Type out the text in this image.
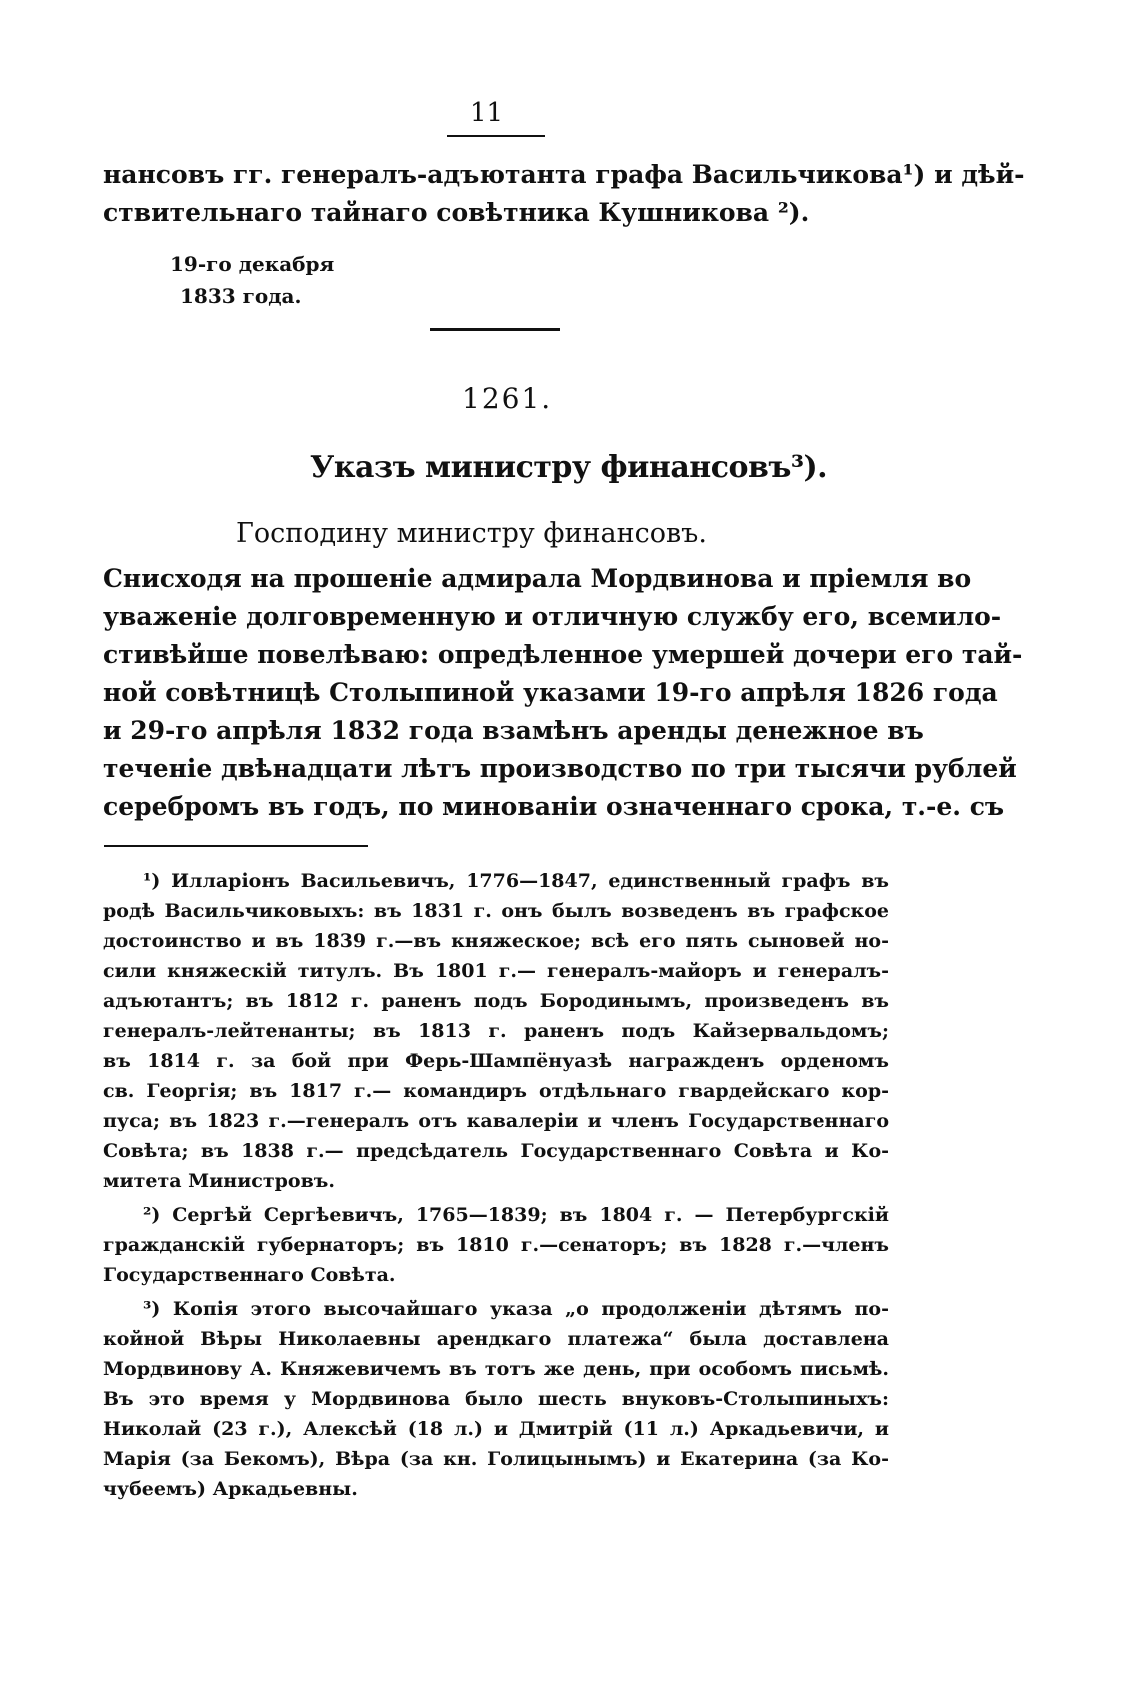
11
нансовъ гг. генералъ-адъютанта графа Васильчикова¹) и дѣй-
ствительнаго тайнаго совѣтника Кушникова ²).
19-го декабря
1833 года.
1261.
Указъ министру финансовъ³).
Господину министру финансовъ.
Снисходя на прошеніе адмирала Мордвинова и пріемля во
уваженіе долговременную и отличную службу его, всемило-
стивѣйше повелѣваю: опредѣленное умершей дочери его тай-
ной совѣтницѣ Столыпиной указами 19-го апрѣля 1826 года
и 29-го апрѣля 1832 года взамѣнъ аренды денежное въ
теченіе двѣнадцати лѣтъ производство по три тысячи рублей
серебромъ въ годъ, по минованіи означеннаго срока, т.-е. съ
¹) Илларіонъ Васильевичъ, 1776—1847, единственный графъ въ
родѣ Васильчиковыхъ: въ 1831 г. онъ былъ возведенъ въ графское
достоинство и въ 1839 г.—въ княжеское; всѣ его пять сыновей но-
сили княжескій титулъ. Въ 1801 г.— генералъ-майоръ и генералъ-
адъютантъ; въ 1812 г. раненъ подъ Бородинымъ, произведенъ въ
генералъ-лейтенанты; въ 1813 г. раненъ подъ Кайзервальдомъ;
въ 1814 г. за бой при Ферь-Шампёнуазѣ награжденъ орденомъ
св. Георгія; въ 1817 г.— командиръ отдѣльнаго гвардейскаго кор-
пуса; въ 1823 г.—генералъ отъ кавалеріи и членъ Государственнаго
Совѣта; въ 1838 г.— предсѣдатель Государственнаго Совѣта и Ко-
митета Министровъ.
²) Сергѣй Сергѣевичъ, 1765—1839; въ 1804 г. — Петербургскій
гражданскій губернаторъ; въ 1810 г.—сенаторъ; въ 1828 г.—членъ
Государственнаго Совѣта.
³) Копія этого высочайшаго указа „о продолженіи дѣтямъ по-
койной Вѣры Николаевны арендкаго платежа“ была доставлена
Мордвинову А. Княжевичемъ въ тотъ же день, при особомъ письмѣ.
Въ это время у Мордвинова было шесть внуковъ-Столыпиныхъ:
Николай (23 г.), Алексѣй (18 л.) и Дмитрій (11 л.) Аркадьевичи, и
Марія (за Бекомъ), Вѣра (за кн. Голицынымъ) и Екатерина (за Ко-
чубеемъ) Аркадьевны.
